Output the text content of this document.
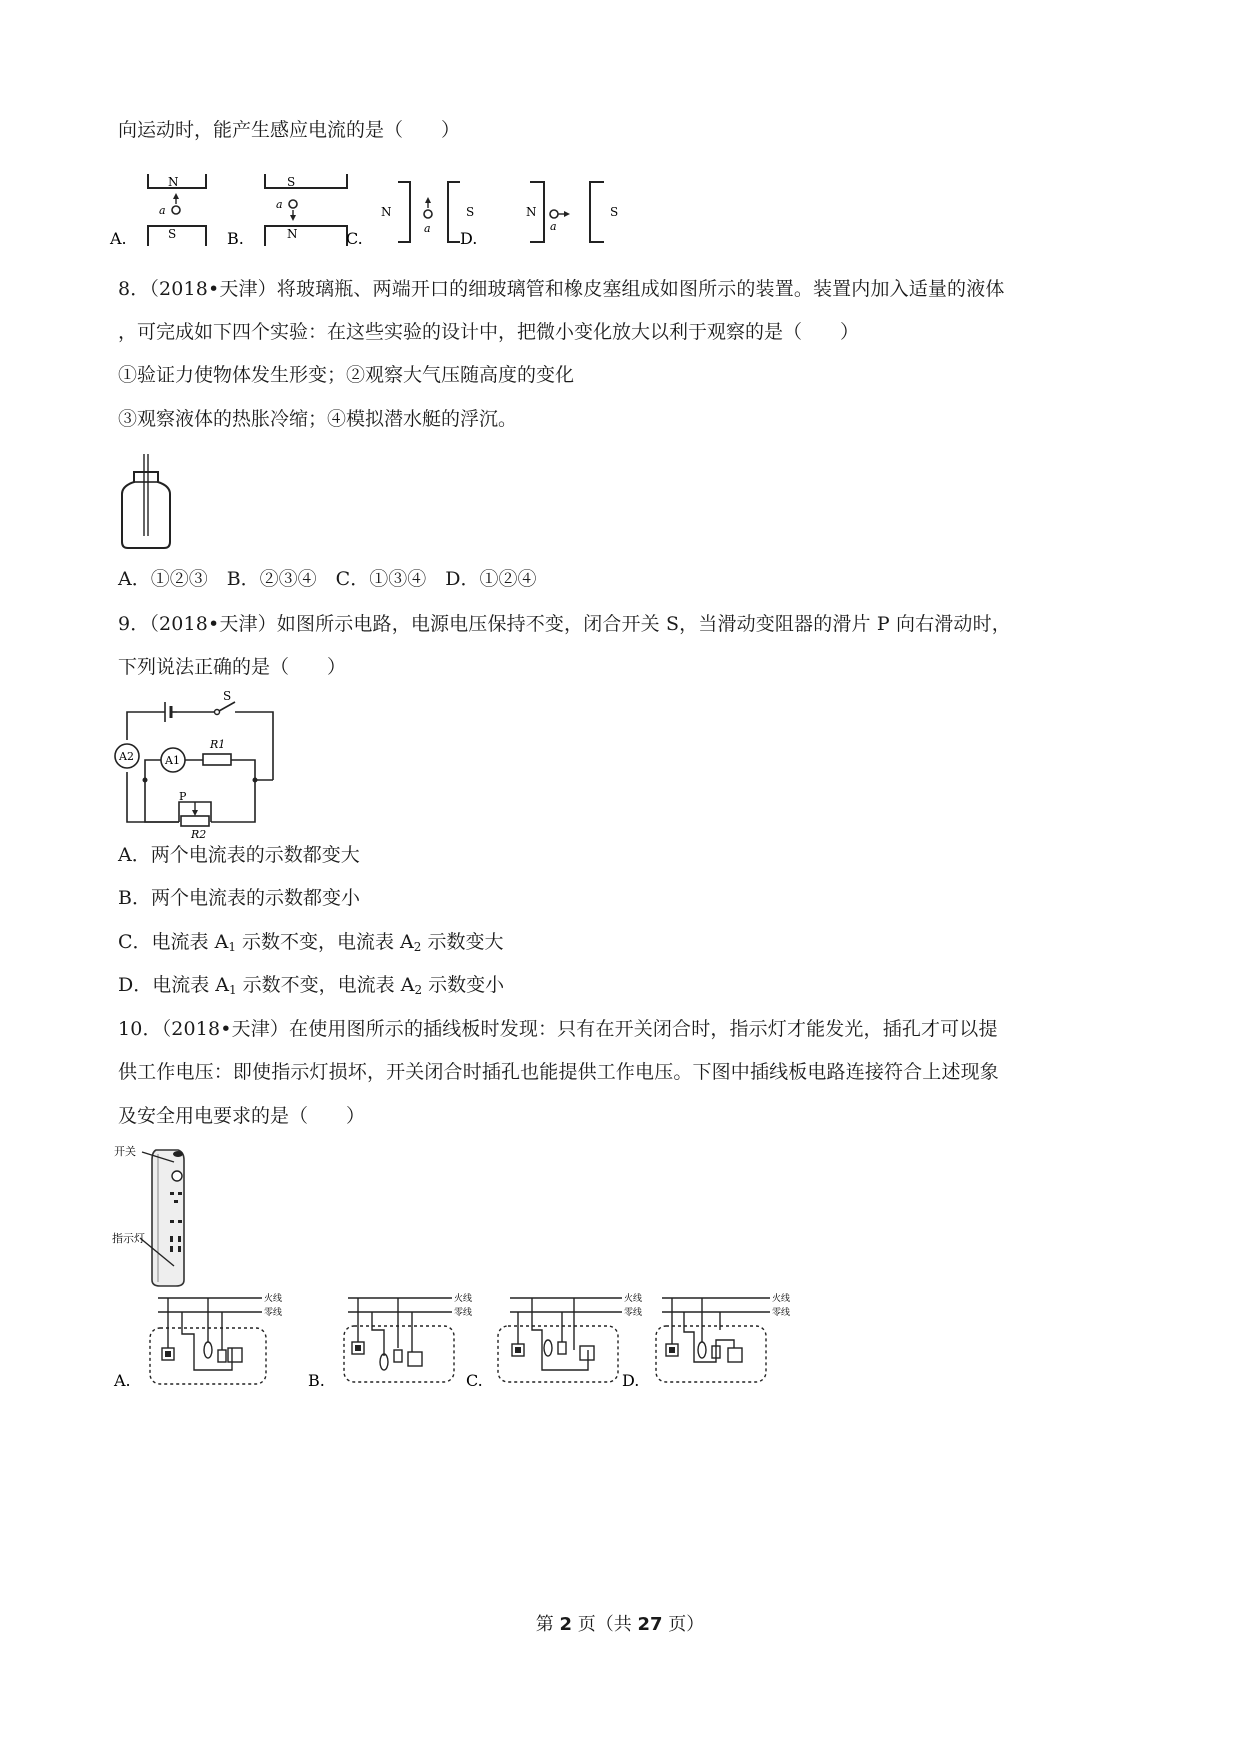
向运动时，能产生感应电流的是（　　）
N
S
a
A.
S
N
a
B.
N	S
a
C.
N	S
a
D.
8．（2018•天津）将玻璃瓶、两端开口的细玻璃管和橡皮塞组成如图所示的装置。装置内加入适量的液体
，可完成如下四个实验：在这些实验的设计中，把微小变化放大以利于观察的是（　　）
①验证力使物体发生形变；②观察大气压随高度的变化
③观察液体的热胀冷缩；④模拟潜水艇的浮沉。
A．①②③　B．②③④　C．①③④　D．①②④
9．（2018•天津）如图所示电路，电源电压保持不变，闭合开关 S，当滑动变阻器的滑片 P 向右滑动时，
下列说法正确的是（　　）
S
A2	A1
R1
P
R2
A．两个电流表的示数都变大
B．两个电流表的示数都变小
C．电流表 $A_1$ 示数不变，电流表 $A_2$ 示数变大
D．电流表 $A_1$ 示数不变，电流表 $A_2$ 示数变小
10．（2018•天津）在使用图所示的插线板时发现：只有在开关闭合时，指示灯才能发光，插孔才可以提
供工作电压：即使指示灯损坏，开关闭合时插孔也能提供工作电压。下图中插线板电路连接符合上述现象
及安全用电要求的是（　　）
开关
指示灯
火线
零线
A.
火线
零线
B.
火线
零线
C.
火线
零线
D.
第 2 页（共 27 页）
